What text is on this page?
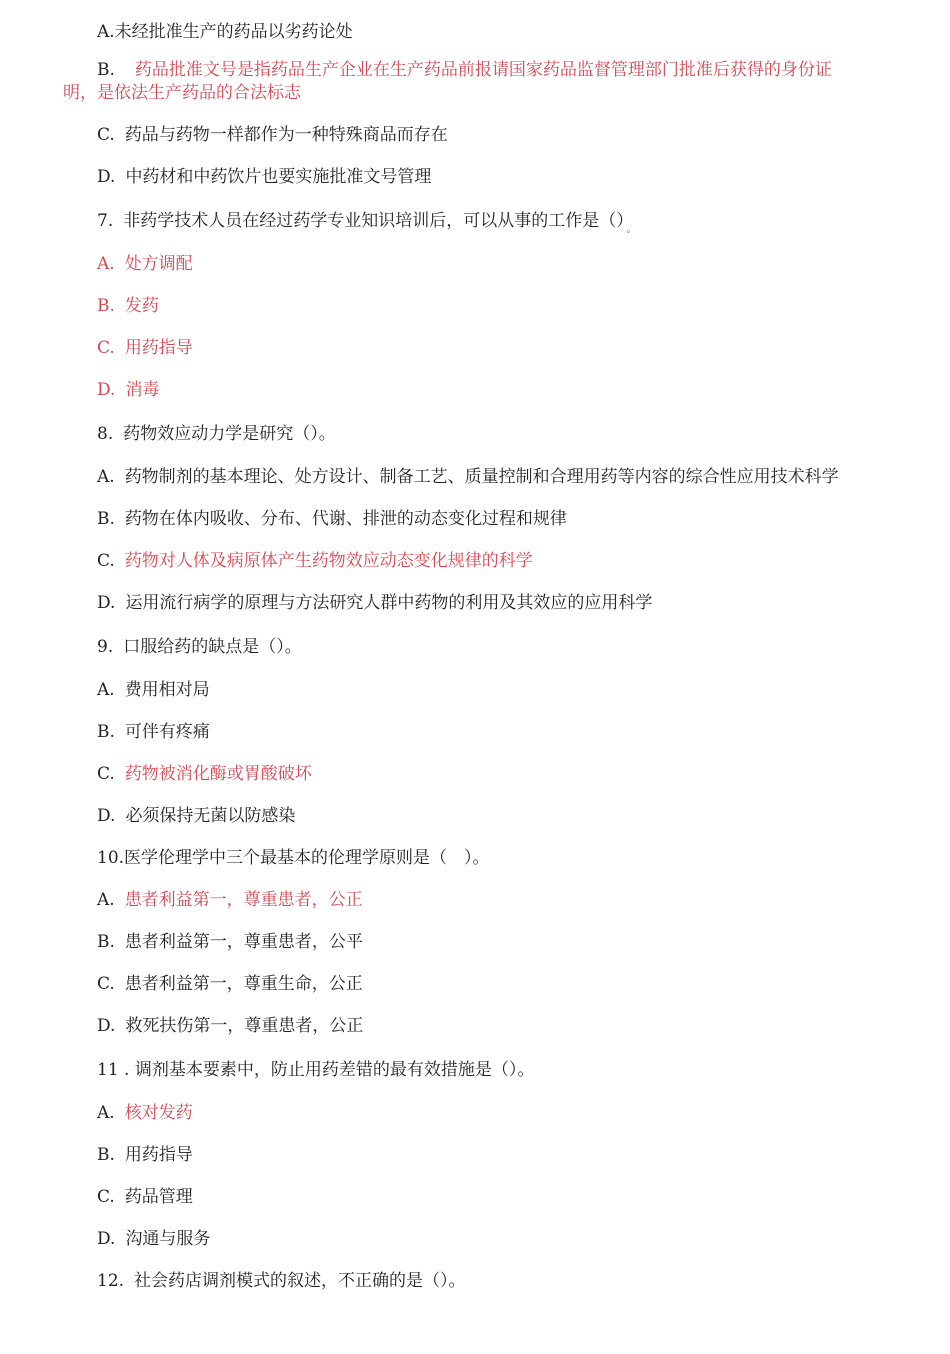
A.未经批准生产的药品以劣药论处
B. 药品批准文号是指药品生产企业在生产药品前报请国家药品监督管理部门批准后获得的身份证
明，是依法生产药品的合法标志
C. 药品与药物一样都作为一种特殊商品而存在
D. 中药材和中药饮片也要实施批准文号管理
7. 非药学技术人员在经过药学专业知识培训后，可以从事的工作是（） $_。$
A. 处方调配
B. 发药
C. 用药指导
D. 消毒
8. 药物效应动力学是研究（）。
A. 药物制剂的基本理论、处方设计、制备工艺、质量控制和合理用药等内容的综合性应用技术科学
B. 药物在体内吸收、分布、代谢、排泄的动态变化过程和规律
C. 药物对人体及病原体产生药物效应动态变化规律的科学
D. 运用流行病学的原理与方法研究人群中药物的利用及其效应的应用科学
9. 口服给药的缺点是（）。
A. 费用相对局
B. 可伴有疼痛
C. 药物被消化酶或胃酸破坏
D. 必须保持无菌以防感染
10.医学伦理学中三个最基本的伦理学原则是（　）。
A. 患者利益第一，尊重患者，公正
B. 患者利益第一，尊重患者，公平
C. 患者利益第一，尊重生命，公正
D. 救死扶伤第一，尊重患者，公正
11 . 调剂基本要素中，防止用药差错的最有效措施是（）。
A. 核对发药
B. 用药指导
C. 药品管理
D. 沟通与服务
12. 社会药店调剂模式的叙述，不正确的是（）。
